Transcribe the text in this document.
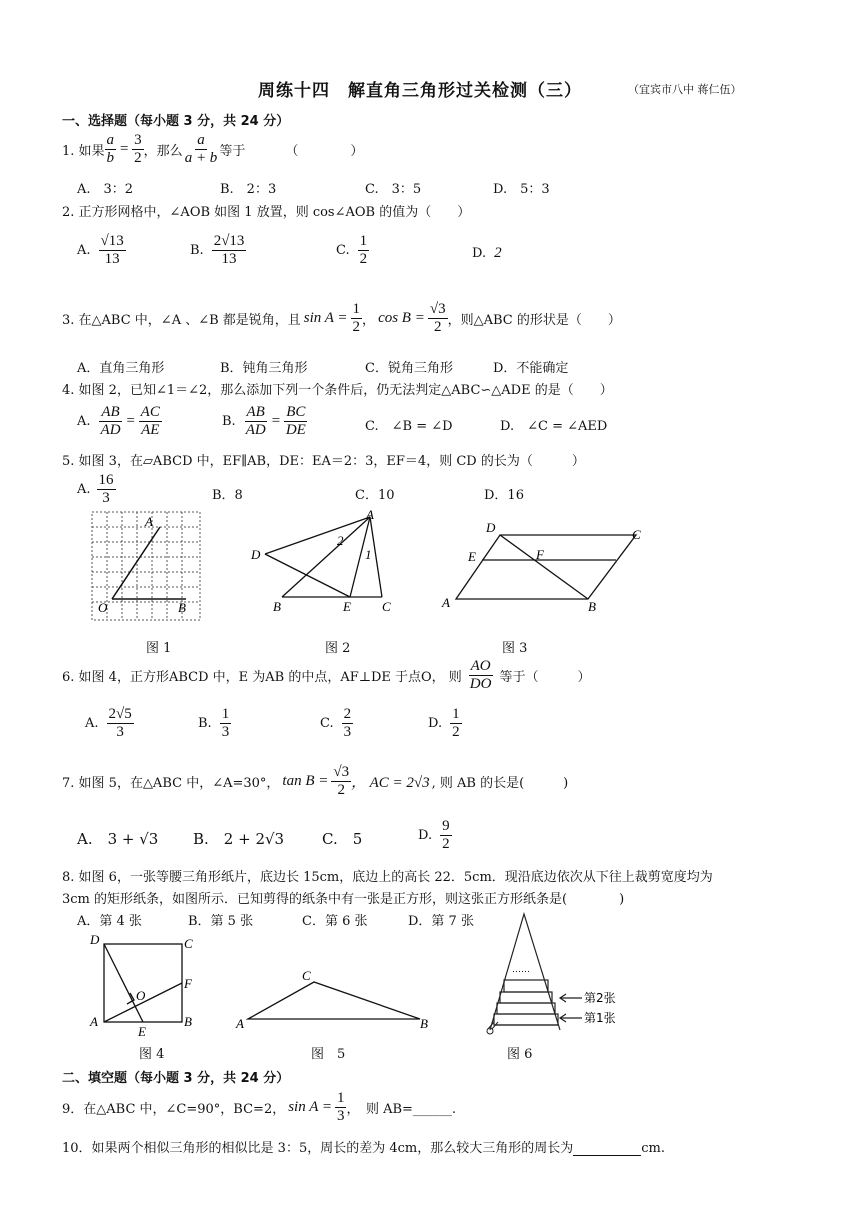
周练十四　解直角三角形过关检测（三）	（宜宾市八中 蒋仁伍）
一、选择题（每小题 3 分，共 24 分）
1. 如果 $\frac{a}{b} = \frac{3}{2}$ ，那么 $\frac{a}{a + b}$ 等于	（　　　　）
A.　3：2	B.　2：3	C.　3：5	D.　5：3
2. 正方形网格中，∠AOB 如图 1 放置，则 cos∠AOB 的值为（　　）
A. $\frac{√13}{13}$	B. $\frac{2√13}{13}$	C. $\frac{1}{2}$	D. 2
3. 在△ABC 中，∠A 、∠B 都是锐角，且 $\sin A = \frac{1}{2}$ ， $\cos B = \frac{√3}{2}$ ，则△ABC 的形状是（　　）
A．直角三角形	B．钝角三角形	C．锐角三角形	D．不能确定
4. 如图 2，已知∠1＝∠2，那么添加下列一个条件后，仍无法判定△ABC∽△ADE 的是（　　）
A. $\frac{AB}{AD} = \frac{AC}{AE}$	B. $\frac{AB}{AD} = \frac{BC}{DE}$	C.　∠B = ∠D	D.　∠C = ∠AED
5. 如图 3，在▱ABCD 中，EF∥AB，DE：EA＝2：3，EF＝4，则 CD 的长为（　　　）
A. $\frac{16}{3}$	B．8	C．10	D．16
A
O	B
图 1
A
D
B	E C
1
2
图 2
D	C
E	F
A	B
图 3
6. 如图 4，正方形ABCD 中，E 为AB 的中点，AF⊥DE 于点O， 则 $\frac{AO}{DO}$ 等于（　　　）
A. $\frac{2√5}{3}$	B. $\frac{1}{3}$	C. $\frac{2}{3}$	D. $\frac{1}{2}$
7. 如图 5，在△ABC 中，∠A=30°， $\tan B = \frac{√3}{2}$ ， AC = 2√3 , 则 AB 的长是(　　　)
A.　3 + √3 B.　2 + 2√3	C.　5	D. $\frac{9}{2}$
8. 如图 6，一张等腰三角形纸片，底边长 15cm，底边上的高长 22．5cm．现沿底边依次从下往上裁剪宽度均为
3cm 的矩形纸条，如图所示．已知剪得的纸条中有一张是正方形，则这张正方形纸条是(　　　　)
A．第 4 张	B．第 5 张	C．第 6 张	D．第 7 张
D	C
F
O
A
E
B
图 4
C
A	B
图　5
……
第2张
第1张
图 6
二、填空题（每小题 3 分，共 24 分）
9．在△ABC 中，∠C=90°，BC=2， $\sin A = \frac{1}{3}$ ，　则 AB=______.
10．如果两个相似三角形的相似比是 3：5，周长的差为 4cm，那么较大三角形的周长为	cm.
